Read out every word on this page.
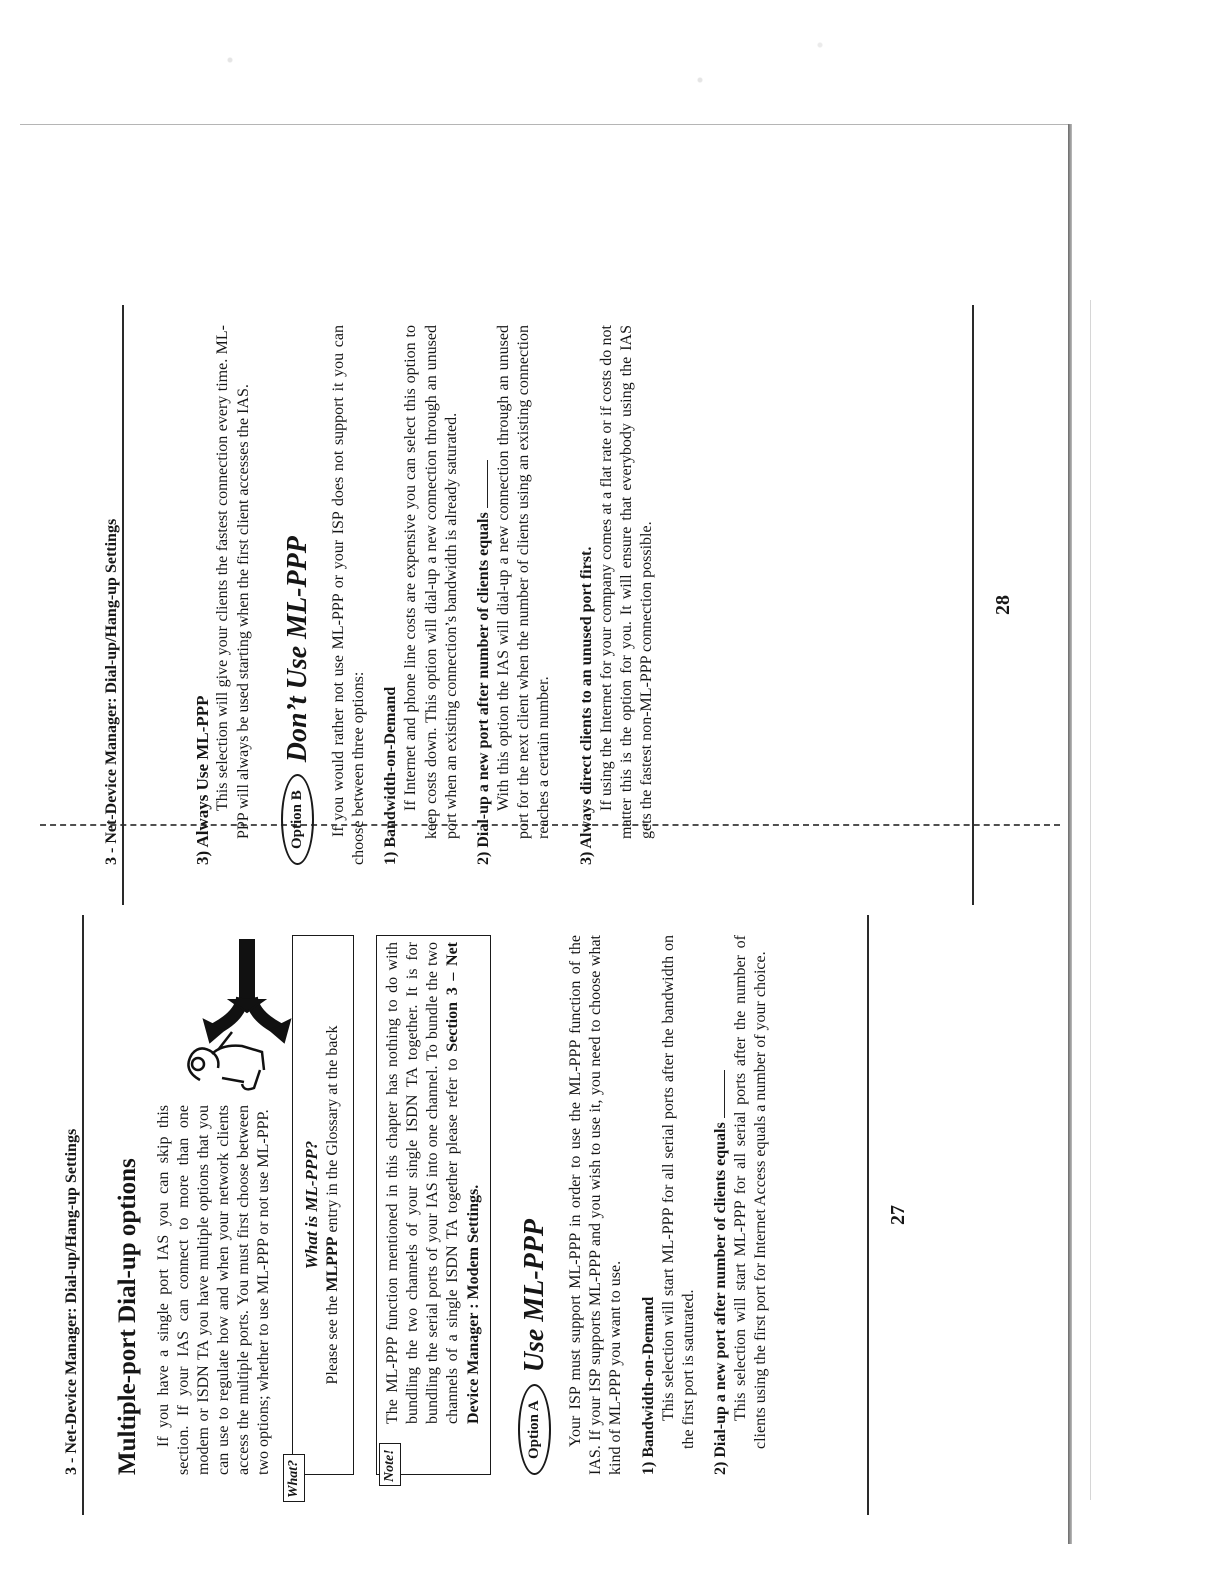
3 - Net-Device Manager: Dial-up/Hang-up Settings Multiple-port Dial-up options If you have a single port IAS you can skip this section. If your IAS can connect to more than one modem or ISDN TA you have multiple options that you can use to regulate how and when your network clients access the multiple ports. You must first choose between two options; whether to use ML-PPP or not use ML-PPP.

What?
What is ML-PPP?
Please see the MLPPP entry in the Glossary at the back
Note!
The ML-PPP function mentioned in this chapter has nothing to do with bundling the two channels of your single ISDN TA together. It is for bundling the serial ports of your IAS into one channel. To bundle the two channels of a single ISDN TA together please refer to Section 3 – Net Device Manager : Modem Settings.
Option A
Use ML-PPP Your ISP must support ML-PPP in order to use the ML-PPP function of the IAS. If your ISP supports ML-PPP and you wish to use it, you need to choose what kind of ML-PPP you want to use. 1) Bandwidth-on-Demand This selection will start ML-PPP for all serial ports after the bandwidth on the first port is saturated. 2) Dial-up a new port after number of clients equals This selection will start ML-PPP for all serial ports after the number of clients using the first port for Internet Access equals a number of your choice.	27
3 - Net-Device Manager: Dial-up/Hang-up Settings	3) Always Use ML-PPP This selection will give your clients the fastest connection every time. ML-PPP will always be used starting when the first client accesses the IAS.	Option B
Don’t Use ML-PPP If you would rather not use ML-PPP or your ISP does not support it you can choose between three options: 1) Bandwidth-on-Demand If Internet and phone line costs are expensive you can select this option to keep costs down. This option will dial-up a new connection through an unused port when an existing connection’s bandwidth is already saturated. 2) Dial-up a new port after number of clients equals With this option the IAS will dial-up a new connection through an unused port for the next client when the number of clients using an existing connection reaches a certain number. 3) Always direct clients to an unused port first. If using the Internet for your company comes at a flat rate or if costs do not matter this is the option for you. It will ensure that everybody using the IAS gets the fastest non-ML-PPP connection possible.	28
